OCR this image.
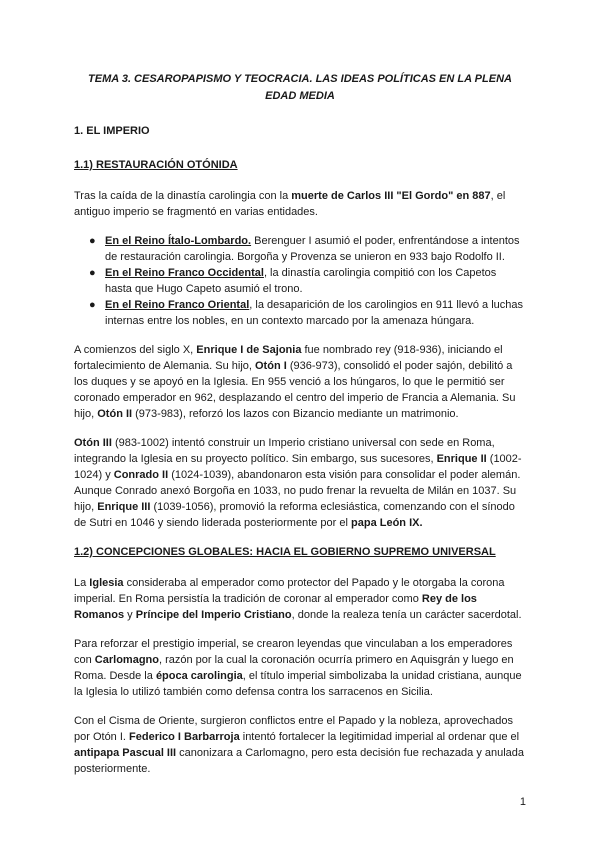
TEMA 3. CESAROPAPISMO Y TEOCRACIA. LAS IDEAS POLÍTICAS EN LA PLENA EDAD MEDIA
1. EL IMPERIO
1.1) RESTAURACIÓN OTÓNIDA

Tras la caída de la dinastía carolingia con la muerte de Carlos III "El Gordo" en 887, el antiguo imperio se fragmentó en varias entidades.

● En el Reino Ítalo-Lombardo. Berenguer I asumió el poder, enfrentándose a intentos de restauración carolingia. Borgoña y Provenza se unieron en 933 bajo Rodolfo II.
● En el Reino Franco Occidental, la dinastía carolingia compitió con los Capetos hasta que Hugo Capeto asumió el trono.
● En el Reino Franco Oriental, la desaparición de los carolingios en 911 llevó a luchas internas entre los nobles, en un contexto marcado por la amenaza húngara.

A comienzos del siglo X, Enrique I de Sajonia fue nombrado rey (918-936), iniciando el fortalecimiento de Alemania. Su hijo, Otón I (936-973), consolidó el poder sajón, debilitó a los duques y se apoyó en la Iglesia. En 955 venció a los húngaros, lo que le permitió ser coronado emperador en 962, desplazando el centro del imperio de Francia a Alemania. Su hijo, Otón II (973-983), reforzó los lazos con Bizancio mediante un matrimonio.

Otón III (983-1002) intentó construir un Imperio cristiano universal con sede en Roma, integrando la Iglesia en su proyecto político. Sin embargo, sus sucesores, Enrique II (1002-1024) y Conrado II (1024-1039), abandonaron esta visión para consolidar el poder alemán. Aunque Conrado anexó Borgoña en 1033, no pudo frenar la revuelta de Milán en 1037. Su hijo, Enrique III (1039-1056), promovió la reforma eclesiástica, comenzando con el sínodo de Sutri en 1046 y siendo liderada posteriormente por el papa León IX.

1.2) CONCEPCIONES GLOBALES: HACIA EL GOBIERNO SUPREMO UNIVERSAL

La Iglesia consideraba al emperador como protector del Papado y le otorgaba la corona imperial. En Roma persistía la tradición de coronar al emperador como Rey de los Romanos y Príncipe del Imperio Cristiano, donde la realeza tenía un carácter sacerdotal.

Para reforzar el prestigio imperial, se crearon leyendas que vinculaban a los emperadores con Carlomagno, razón por la cual la coronación ocurría primero en Aquisgrán y luego en Roma. Desde la época carolingia, el título imperial simbolizaba la unidad cristiana, aunque la Iglesia lo utilizó también como defensa contra los sarracenos en Sicilia.

Con el Cisma de Oriente, surgieron conflictos entre el Papado y la nobleza, aprovechados por Otón I. Federico I Barbarroja intentó fortalecer la legitimidad imperial al ordenar que el antipapa Pascual III canonizara a Carlomagno, pero esta decisión fue rechazada y anulada posteriormente.

1
